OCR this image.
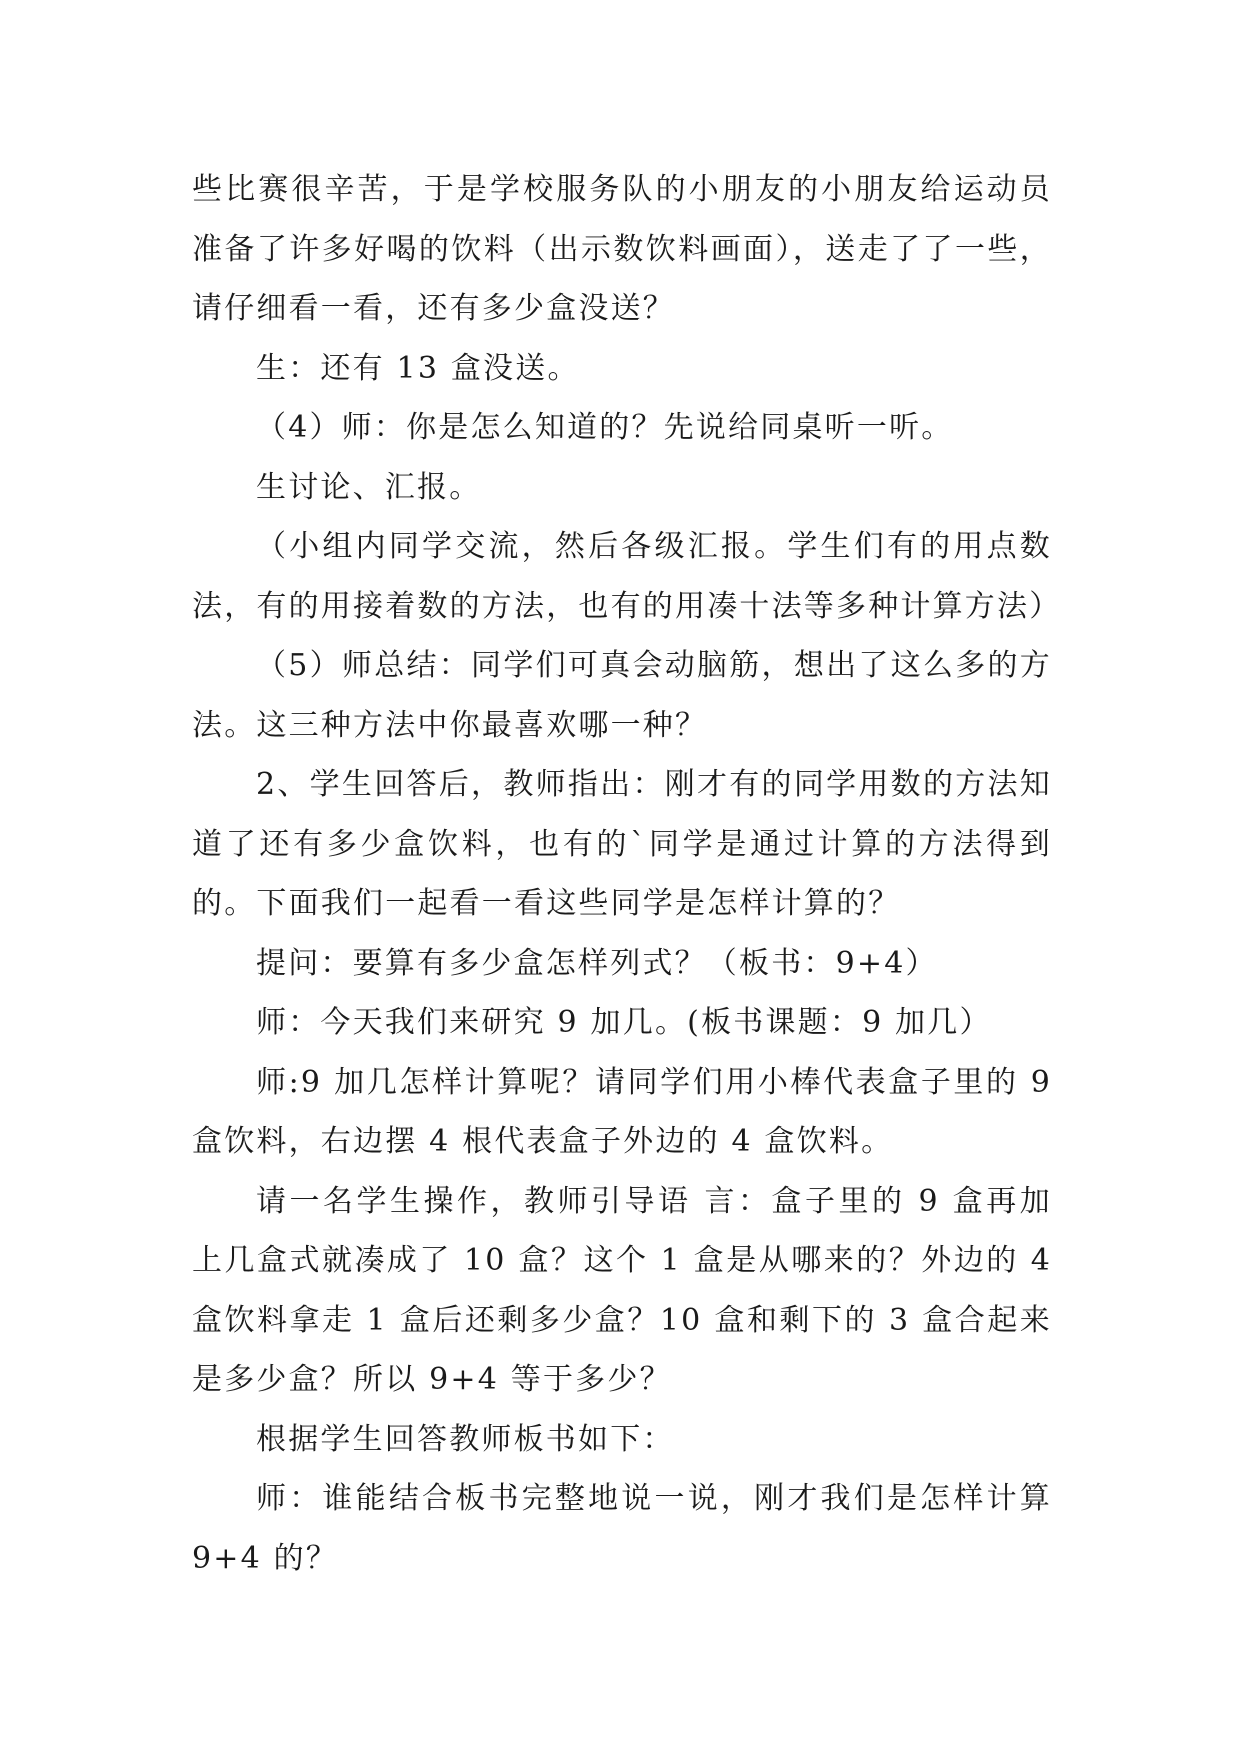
些比赛很辛苦，于是学校服务队的小朋友的小朋友给运动员准备了许多好喝的饮料（出示数饮料画面），送走了了一些，请仔细看一看，还有多少盒没送？

生：还有 13 盒没送。

（4）师：你是怎么知道的？先说给同桌听一听。

生讨论、汇报。

（小组内同学交流，然后各级汇报。学生们有的用点数法，有的用接着数的方法，也有的用凑十法等多种计算方法）

（5）师总结：同学们可真会动脑筋，想出了这么多的方法。这三种方法中你最喜欢哪一种？

2、学生回答后，教师指出：刚才有的同学用数的方法知道了还有多少盒饮料，也有的`同学是通过计算的方法得到的。下面我们一起看一看这些同学是怎样计算的？

提问：要算有多少盒怎样列式？（板书：9+4）

师：今天我们来研究 9 加几。(板书课题：9 加几）

师:9 加几怎样计算呢？请同学们用小棒代表盒子里的 9 盒饮料，右边摆 4 根代表盒子外边的 4 盒饮料。

请一名学生操作，教师引导语 言：盒子里的 9 盒再加上几盒式就凑成了 10 盒？这个 1 盒是从哪来的？外边的 4 盒饮料拿走 1 盒后还剩多少盒？10 盒和剩下的 3 盒合起来是多少盒？所以 9+4 等于多少？

根据学生回答教师板书如下：

师：谁能结合板书完整地说一说，刚才我们是怎样计算 9+4 的？
